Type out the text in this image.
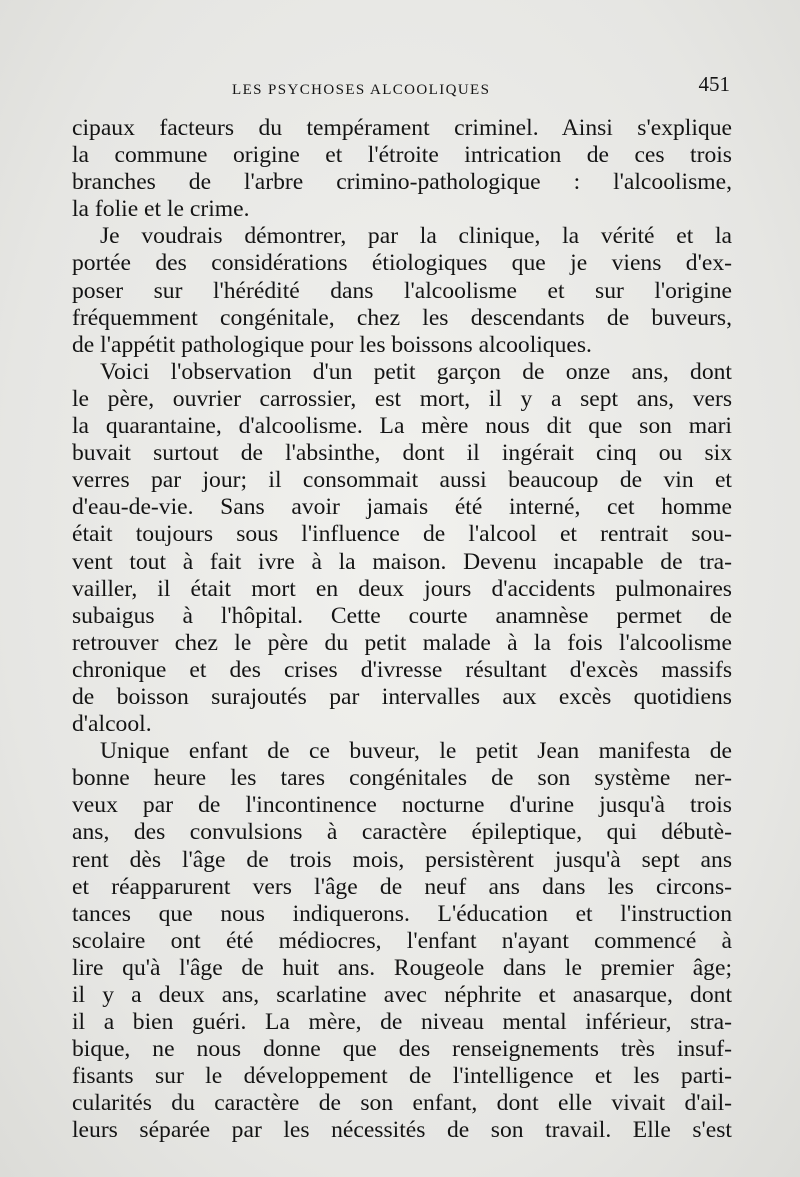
LES PSYCHOSES ALCOOLIQUES	451
cipaux facteurs du tempérament criminel. Ainsi s'explique
la commune origine et l'étroite intrication de ces trois
branches de l'arbre crimino-pathologique : l'alcoolisme,
la folie et le crime.
Je voudrais démontrer, par la clinique, la vérité et la
portée des considérations étiologiques que je viens d'ex-
poser sur l'hérédité dans l'alcoolisme et sur l'origine
fréquemment congénitale, chez les descendants de buveurs,
de l'appétit pathologique pour les boissons alcooliques.
Voici l'observation d'un petit garçon de onze ans, dont
le père, ouvrier carrossier, est mort, il y a sept ans, vers
la quarantaine, d'alcoolisme. La mère nous dit que son mari
buvait surtout de l'absinthe, dont il ingérait cinq ou six
verres par jour; il consommait aussi beaucoup de vin et
d'eau-de-vie. Sans avoir jamais été interné, cet homme
était toujours sous l'influence de l'alcool et rentrait sou-
vent tout à fait ivre à la maison. Devenu incapable de tra-
vailler, il était mort en deux jours d'accidents pulmonaires
subaigus à l'hôpital. Cette courte anamnèse permet de
retrouver chez le père du petit malade à la fois l'alcoolisme
chronique et des crises d'ivresse résultant d'excès massifs
de boisson surajoutés par intervalles aux excès quotidiens
d'alcool.
Unique enfant de ce buveur, le petit Jean manifesta de
bonne heure les tares congénitales de son système ner-
veux par de l'incontinence nocturne d'urine jusqu'à trois
ans, des convulsions à caractère épileptique, qui débutè-
rent dès l'âge de trois mois, persistèrent jusqu'à sept ans
et réapparurent vers l'âge de neuf ans dans les circons-
tances que nous indiquerons. L'éducation et l'instruction
scolaire ont été médiocres, l'enfant n'ayant commencé à
lire qu'à l'âge de huit ans. Rougeole dans le premier âge;
il y a deux ans, scarlatine avec néphrite et anasarque, dont
il a bien guéri. La mère, de niveau mental inférieur, stra-
bique, ne nous donne que des renseignements très insuf-
fisants sur le développement de l'intelligence et les parti-
cularités du caractère de son enfant, dont elle vivait d'ail-
leurs séparée par les nécessités de son travail. Elle s'est
